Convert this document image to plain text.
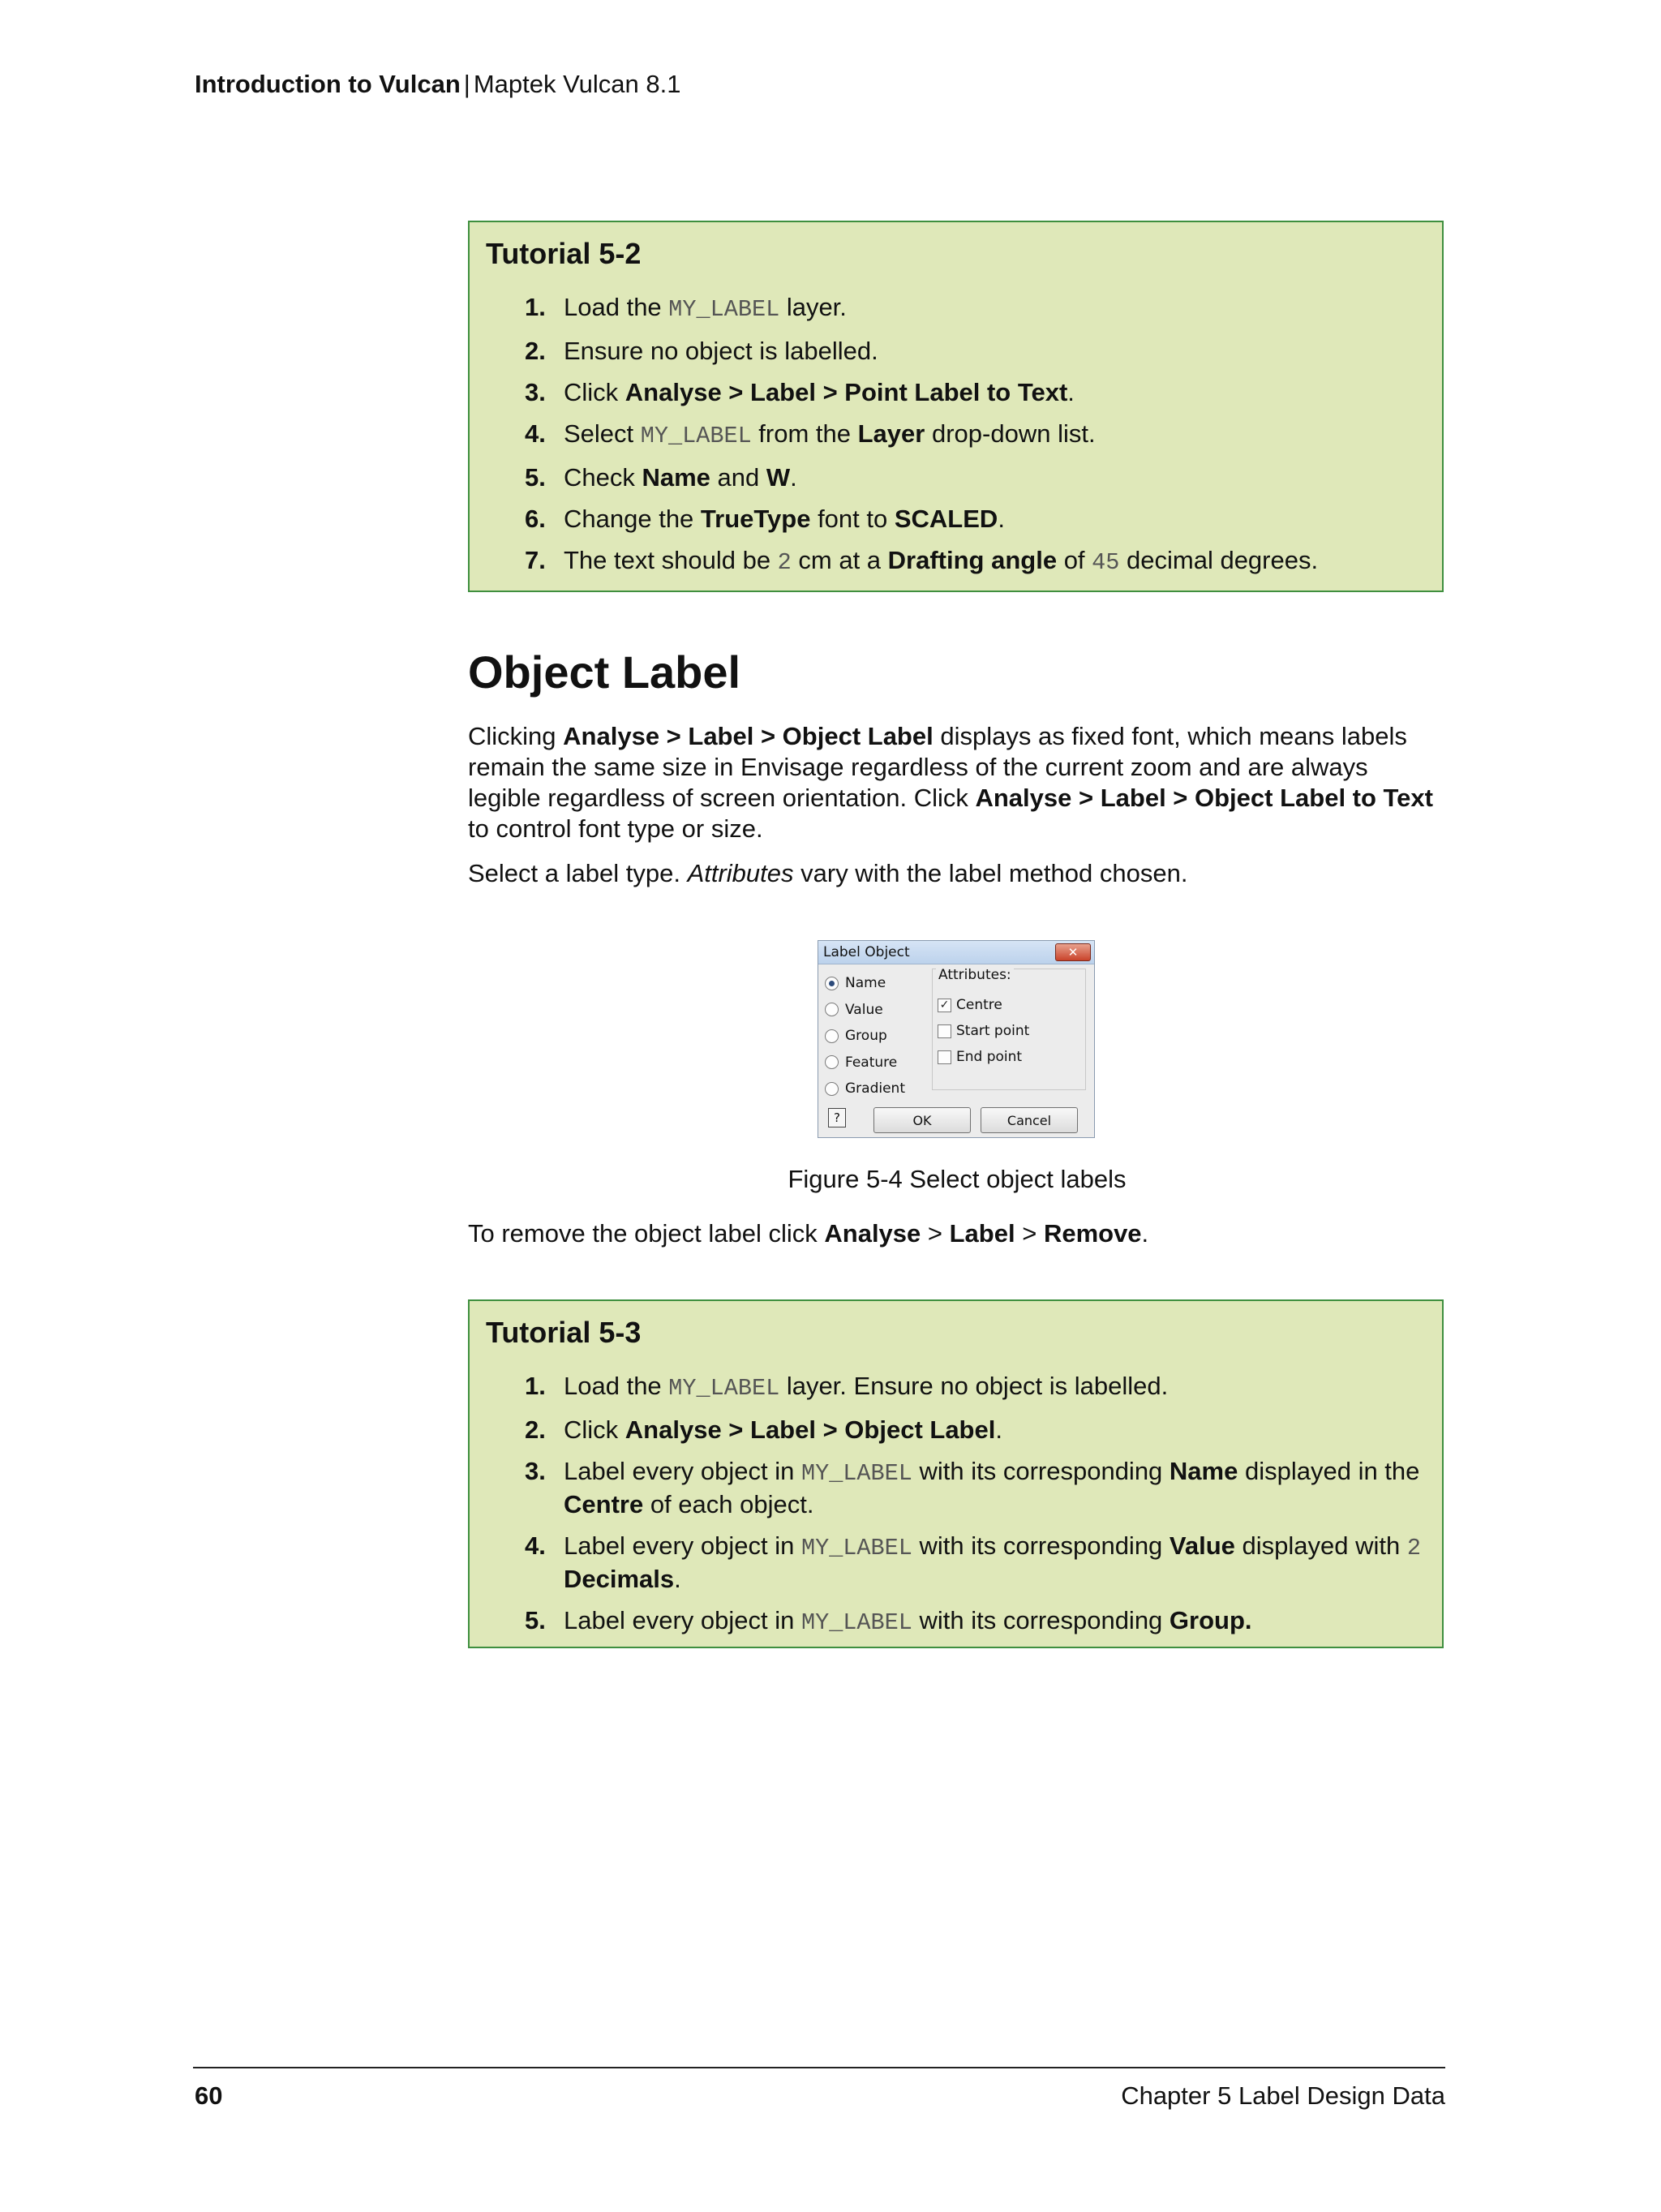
Introduction to Vulcan | Maptek Vulcan 8.1
Tutorial 5-2
1. Load the MY_LABEL layer.
2. Ensure no object is labelled.
3. Click Analyse > Label > Point Label to Text.
4. Select MY_LABEL from the Layer drop-down list.
5. Check Name and W.
6. Change the TrueType font to SCALED.
7. The text should be 2 cm at a Drafting angle of 45 decimal degrees.
Object Label

Clicking Analyse > Label > Object Label displays as fixed font, which means labels remain the same size in Envisage regardless of the current zoom and are always legible regardless of screen orientation. Click Analyse > Label > Object Label to Text to control font type or size.

Select a label type. Attributes vary with the label method chosen.

Label Object	✕
Name
Value
Group
Feature
Gradient
Attributes:
✓ Centre
Start point
End point
?	OK	Cancel
Figure 5-4 Select object labels

To remove the object label click Analyse > Label > Remove.

Tutorial 5-3
1. Load the MY_LABEL layer. Ensure no object is labelled.
2. Click Analyse > Label > Object Label.
3. Label every object in MY_LABEL with its corresponding Name displayed in the Centre of each object.
4. Label every object in MY_LABEL with its corresponding Value displayed with 2 Decimals.
5. Label every object in MY_LABEL with its corresponding Group.
60	Chapter 5 Label Design Data
